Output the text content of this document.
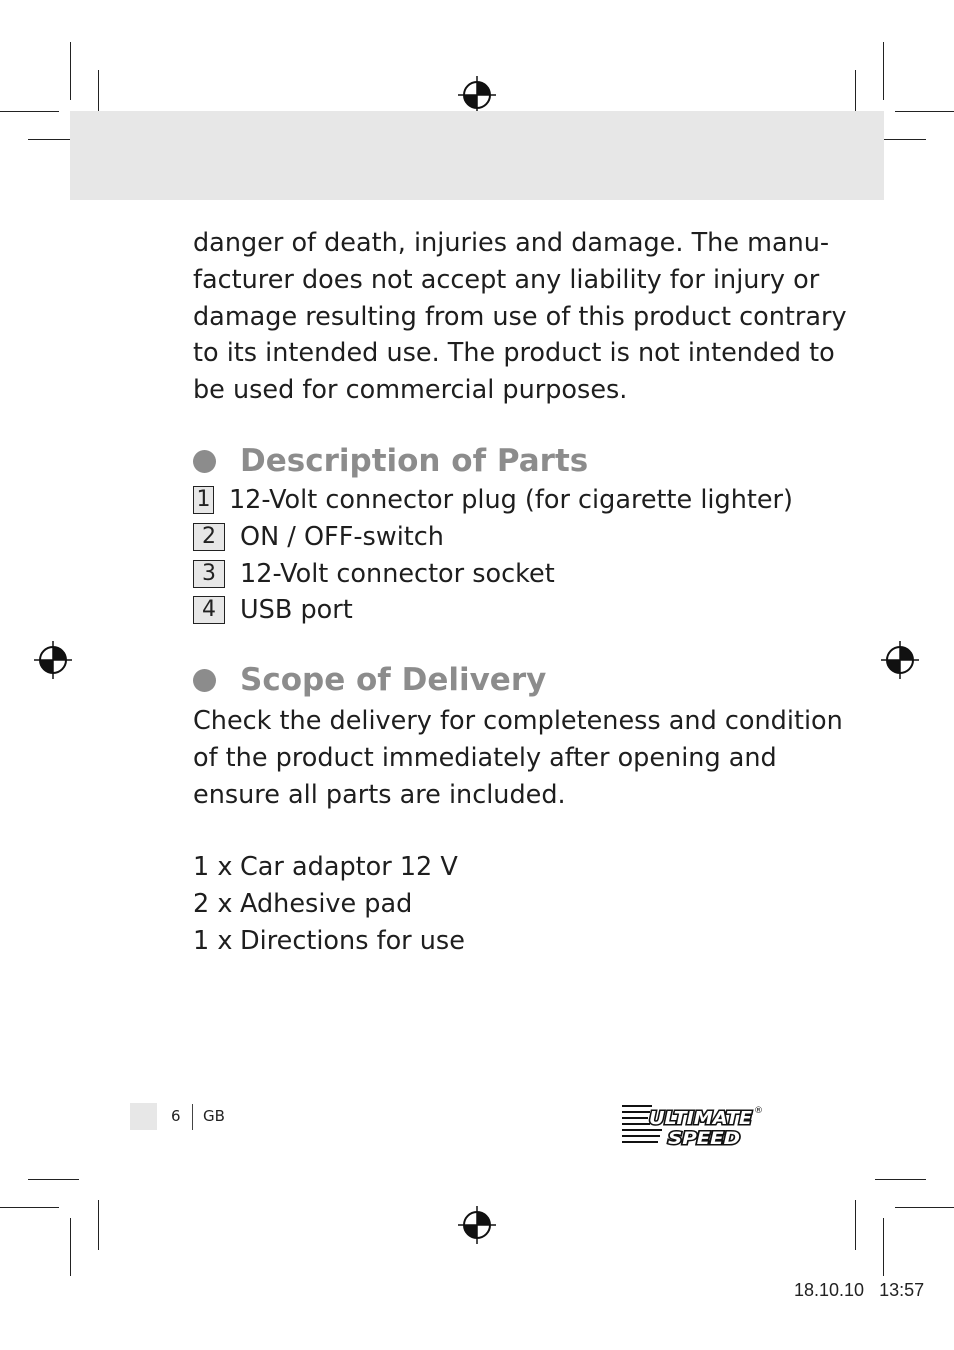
danger of death, injuries and damage. The manu-
facturer does not accept any liability for injury or
damage resulting from use of this product contrary
to its intended use. The product is not intended to
be used for commercial purposes.
Description of Parts
1 12-Volt connector plug (for cigarette lighter)
2 ON / OFF-switch
3 12-Volt connector socket
4 USB port
Scope of Delivery
Check the delivery for completeness and condition
of the product immediately after opening and
ensure all parts are included.
1 x Car adaptor 12 V
2 x Adhesive pad
1 x Directions for use
6 GB	ULTIMATE
SPEED
®
18.10.10 13:57
